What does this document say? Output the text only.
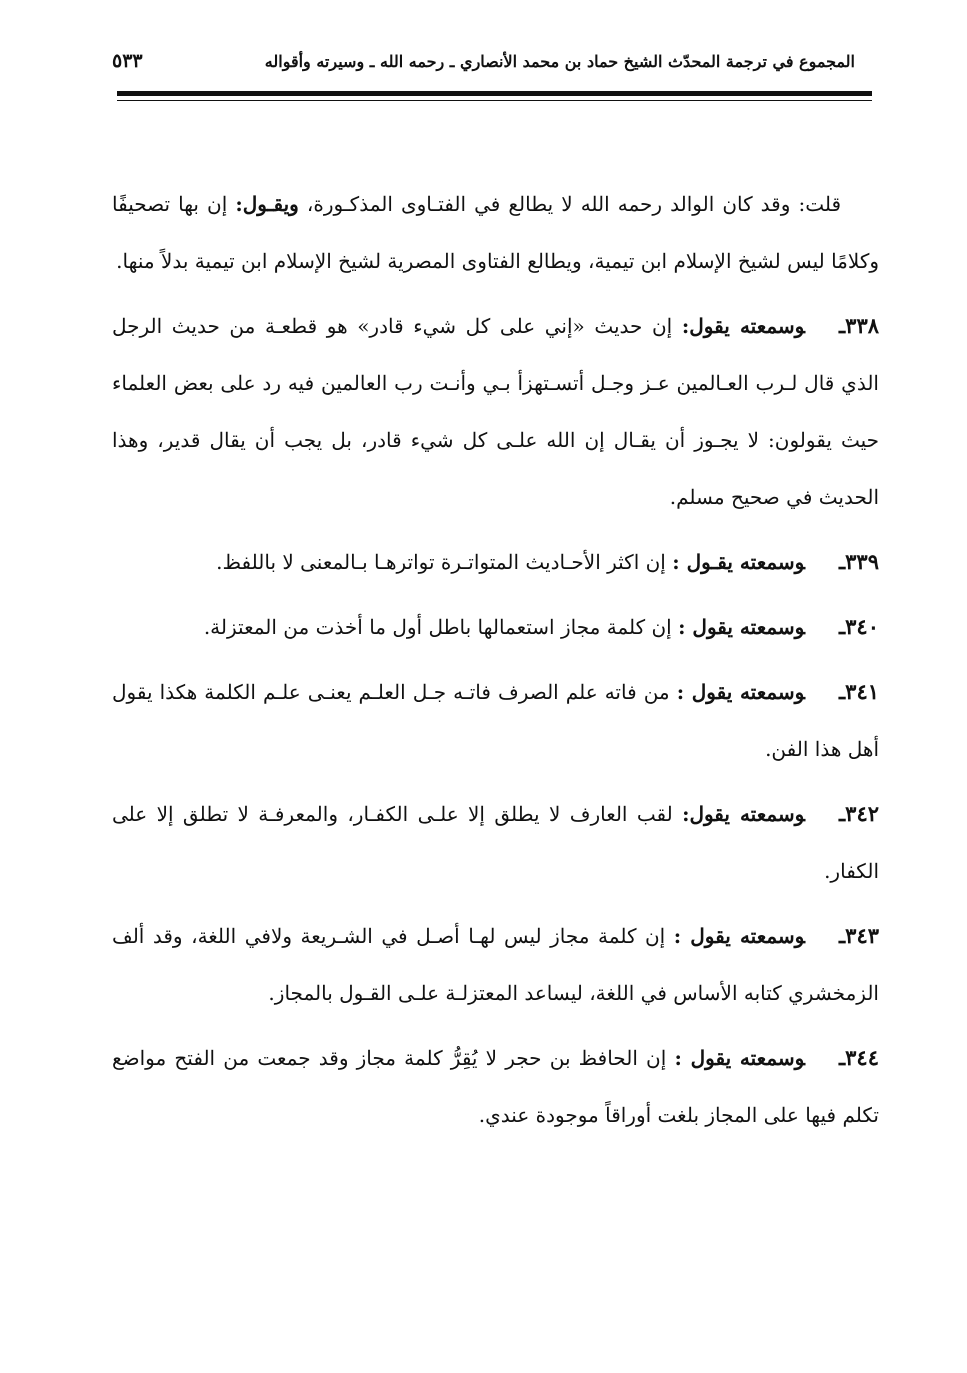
المجموع في ترجمة المحدّث الشيخ حماد بن محمد الأنصاري ـ رحمه الله ـ وسيرته وأقواله
٥٣٣

قلت: وقد كان الوالد رحمه الله لا يطالع في الفتـاوى المذكـورة، ويقـول: إن بها تصحيفًا وكلامًا ليس لشيخ الإسلام ابن تيمية، ويطالع الفتاوى المصرية لشيخ الإسلام ابن تيمية بدلاً منها.

٣٣٨ـوسمعته يقول: إن حديث «إني على كل شيء قادر» هو قطعـة من حديث الرجل الذي قال لـرب العـالمين عـز وجـل أتسـتهزأ بـي وأنـت رب العالمين فيه رد على بعض العلماء حيث يقولون: لا يجـوز أن يقـال إن الله علـى كل شيء قادر، بل يجب أن يقال قدير، وهذا الحديث في صحيح مسلم.

٣٣٩ـوسمعته يقـول : إن اكثر الأحـاديث المتواتـرة تواترهـا بـالمعنى لا باللفظ.

٣٤٠ـوسمعته يقول : إن كلمة مجاز استعمالها باطل أول ما أخذت من المعتزلة.

٣٤١ـوسمعته يقول : من فاته علم الصرف فاتـه جـل العلـم يعنـى علـم الكلمة هكذا يقول أهل هذا الفن.

٣٤٢ـوسمعته يقول: لقب العارف لا يطلق إلا علـى الكفـار، والمعرفـة لا تطلق إلا على الكفار.

٣٤٣ـوسمعته يقول : إن كلمة مجاز ليس لهـا أصـل في الشـريعة ولافي اللغة، وقد ألف الزمخشري كتابه الأساس في اللغة، ليساعد المعتزلـة علـى القـول بالمجاز.

٣٤٤ـوسمعته يقول : إن الحافظ بن حجر لا يُقِرُّ كلمة مجاز وقد جمعت من الفتح مواضع تكلم فيها على المجاز بلغت أوراقاً موجودة عندي.
